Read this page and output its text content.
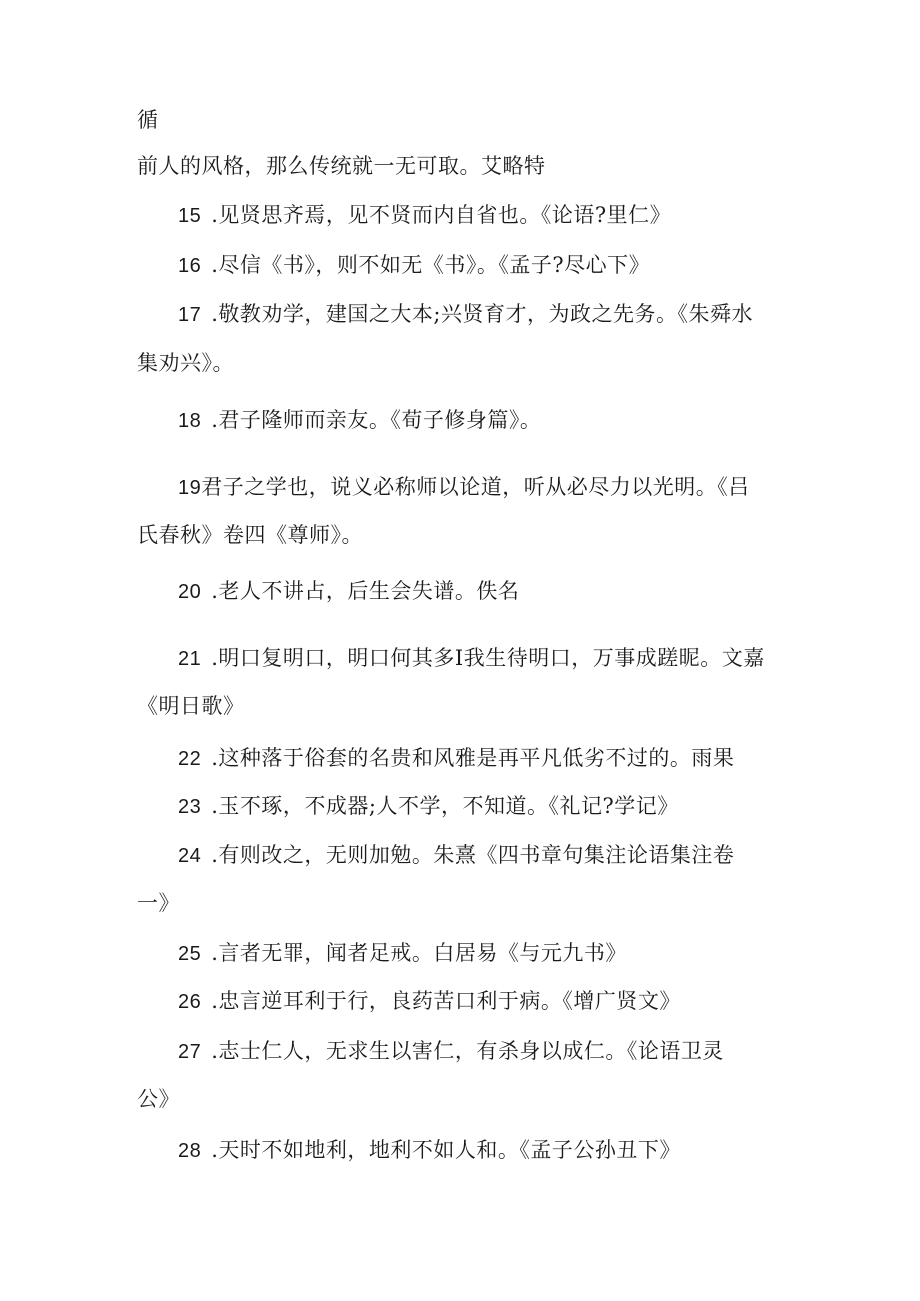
循
前人的风格，那么传统就一无可取。艾略特
15 .见贤思齐焉，见不贤而内自省也。《论语?里仁》
16 .尽信《书》，则不如无《书》。《孟子?尽心下》
17 .敬教劝学，建国之大本;兴贤育才，为政之先务。《朱舜水
集劝兴》。
18 .君子隆师而亲友。《荀子修身篇》。
19君子之学也，说义必称师以论道，听从必尽力以光明。《吕
氏春秋》卷四《尊师》。
20 .老人不讲占，后生会失谱。佚名
21 .明口复明口，明口何其多I我生待明口，万事成蹉昵。文嘉
《明日歌》
22 .这种落于俗套的名贵和风雅是再平凡低劣不过的。雨果
23 .玉不琢，不成器;人不学，不知道。《礼记?学记》
24 .有则改之，无则加勉。朱熹《四书章句集注论语集注卷
一》
25 .言者无罪，闻者足戒。白居易《与元九书》
26 .忠言逆耳利于行，良药苦口利于病。《增广贤文》
27 .志士仁人，无求生以害仁，有杀身以成仁。《论语卫灵
公》
28 .天时不如地利，地利不如人和。《孟子公孙丑下》
